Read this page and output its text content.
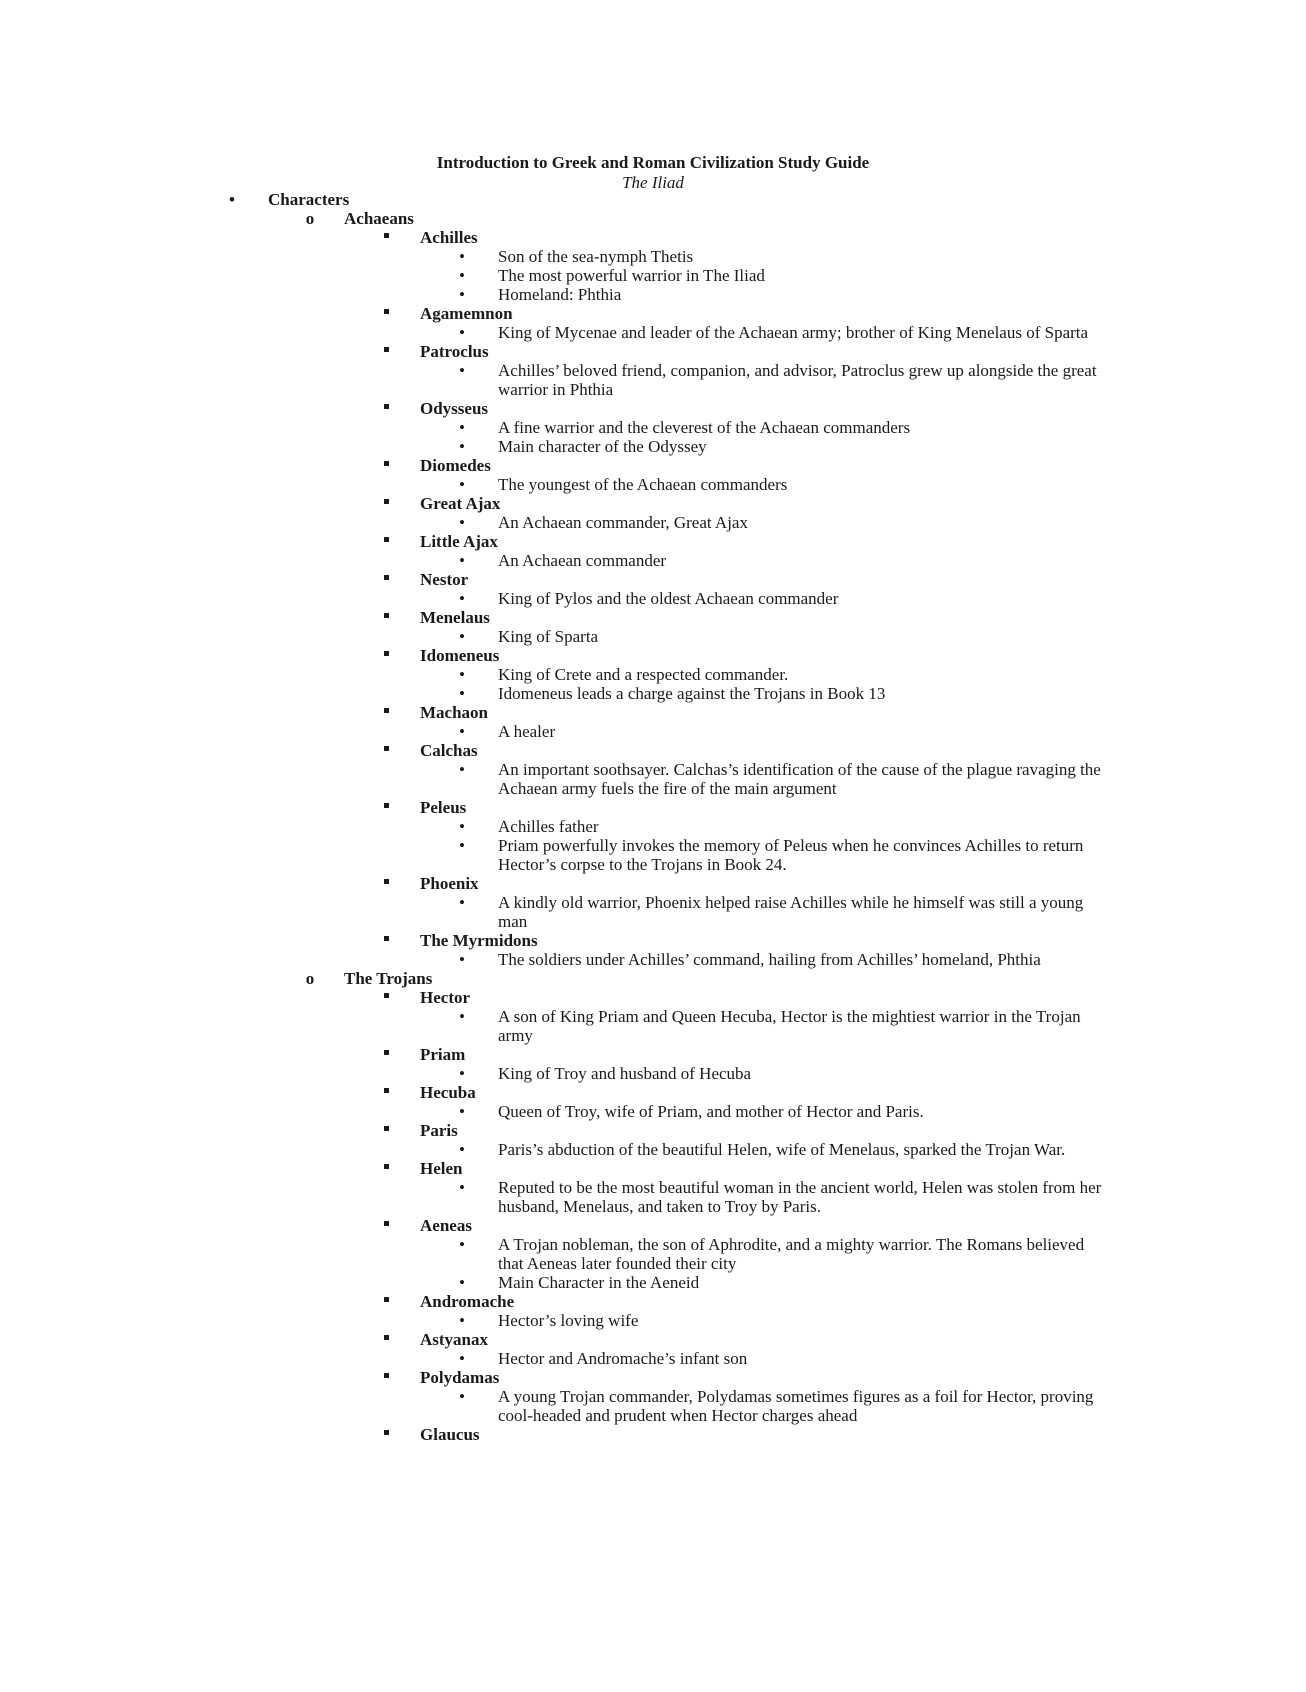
Introduction to Greek and Roman Civilization Study Guide
The Iliad
•	Characters
o	Achaeans
Achilles
•	Son of the sea-nymph Thetis
•	The most powerful warrior in The Iliad
•	Homeland: Phthia
Agamemnon
•	King of Mycenae and leader of the Achaean army; brother of King Menelaus of Sparta
Patroclus
•	Achilles’ beloved friend, companion, and advisor, Patroclus grew up alongside the great warrior in Phthia
Odysseus
•	A fine warrior and the cleverest of the Achaean commanders
•	Main character of the Odyssey
Diomedes
•	The youngest of the Achaean commanders
Great Ajax
•	An Achaean commander, Great Ajax
Little Ajax
•	An Achaean commander
Nestor
•	King of Pylos and the oldest Achaean commander
Menelaus
•	King of Sparta
Idomeneus
•	King of Crete and a respected commander.
•	Idomeneus leads a charge against the Trojans in Book 13
Machaon
•	A healer
Calchas
•	An important soothsayer. Calchas’s identification of the cause of the plague ravaging the Achaean army fuels the fire of the main argument
Peleus
•	Achilles father
•	Priam powerfully invokes the memory of Peleus when he convinces Achilles to return Hector’s corpse to the Trojans in Book 24.
Phoenix
•	A kindly old warrior, Phoenix helped raise Achilles while he himself was still a young man
The Myrmidons
•	The soldiers under Achilles’ command, hailing from Achilles’ homeland, Phthia
o	The Trojans
Hector
•	A son of King Priam and Queen Hecuba, Hector is the mightiest warrior in the Trojan army
Priam
•	King of Troy and husband of Hecuba
Hecuba
•	Queen of Troy, wife of Priam, and mother of Hector and Paris.
Paris
•	Paris’s abduction of the beautiful Helen, wife of Menelaus, sparked the Trojan War.
Helen
•	Reputed to be the most beautiful woman in the ancient world, Helen was stolen from her husband, Menelaus, and taken to Troy by Paris.
Aeneas
•	A Trojan nobleman, the son of Aphrodite, and a mighty warrior. The Romans believed that Aeneas later founded their city
•	Main Character in the Aeneid
Andromache
•	Hector’s loving wife
Astyanax
•	Hector and Andromache’s infant son
Polydamas
•	A young Trojan commander, Polydamas sometimes figures as a foil for Hector, proving cool-headed and prudent when Hector charges ahead
Glaucus
